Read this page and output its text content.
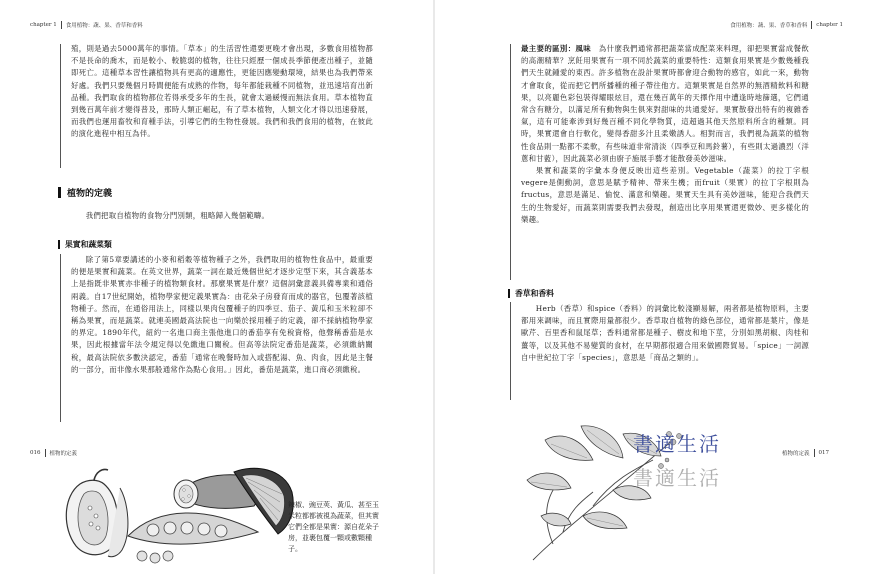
chapter 1 食用植物：蔬、果、香草和香料

殖，則是過去5000萬年的事情。「草本」的生活習性還要更晚才會出現，多數食用植物都不是長命的喬木，而是較小、較脆弱的植物，往往只經歷一個成長季節便產出種子，並隨即死亡。這種草本習性讓植物具有更高的適應性，更能因應變動環境，結果也為我們帶來好處。我們只要幾個月時間便能有成熟的作物，每年都能栽種不同植物，並迅速培育出新品種。我們取食的植物都位若得承受多年的生長，就會太過緩慢而無法食用。草本植物直到幾百萬年前才變得普及，那時人類正崛起，有了草本植物，人類文化才得以迅速發展，而我們也運用畜牧和育種手法，引導它們的生物性發展。我們和我們食用的植物，在彼此的演化進程中相互為伴。

植物的定義

我們把取自植物的食物分門別類，粗略歸入幾個範疇。

果實和蔬菜類

除了第5章要講述的小麥和稻穀等植物種子之外，我們取用的植物性食品中，最重要的便是果實和蔬菜。在英文世界，蔬菜一詞在最近幾個世紀才逐步定型下來，其含義基本上是指既非果實亦非種子的植物類食材。那麼果實是什麼？這個詞彙意義具備專業和通俗兩義。自17世紀開始，植物學家便定義果實為：由花朵子房發育而成的器官，包覆著該植物種子。然而，在通俗用法上，同樣以果肉包覆種子的四季豆、茄子、黃瓜和玉米粒卻不稱為果實，而是蔬菜。就連美國最高法院也一向樂於採用種子的定義，卻不採納植物學家的界定。1890年代，紐約一名進口商主張他進口的番茄享有免稅資格，他聲稱番茄是水果，因此根據當年法令規定得以免繳進口關稅。但高等法院定番茄是蔬菜，必須繳納關稅，最高法院依多數決認定，番茄「通常在晚餐時加入或搭配湯、魚、肉食，因此是主餐的一部分，而非像水果那般通常作為點心食用。」因此，番茄是蔬菜，進口商必須繳稅。

016 植物的定義
辣椒、豌豆莢、黃瓜、甚至玉米粒都都被視為蔬菜，但其實它們全都是果實：源自花朵子房，並裹包覆一顆或數顆種子。
食用植物：蔬、果、香草和香料 chapter 1

最主要的區別：風味　 為什麼我們通常都把蔬菜當成配菜來料理，卻把果實當成餐飲的高潮精華？烹飪用果實有一項不同於蔬菜的重要特性：這類食用果實是少數幾種我們天生就鍾愛的東西。許多植物在設計果實時都會迎合動物的感官，如此一來，動物才會取食，從而把它們所播種的種子帶往他方。這類果實是自然界的無酒精飲料和糖果，以亮麗色彩包裝得耀眼炫目，還在幾百萬年的天擇作用中遭逢時地篩選，它們通常含有糖分，以滿足所有動物與生俱來對甜味的共通愛好。果實散發出特有的複雜香氣，這有可能牽涉到好幾百種不同化學物質，這超過其他天然原料所含的種類。同時，果實還會自行軟化，變得香甜多汁且柔嫩誘人。相對而言，我們視為蔬菜的植物性食品則一點都不柔軟，有些味道非常清淡（四季豆和馬鈴薯），有些則太過濃烈（洋蔥和甘藍），因此蔬菜必須由廚子施展手藝才能散發美妙滋味。

果實和蔬菜的字彙本身便反映出這些差別。Vegetable（蔬菜）的拉丁字根vegere是側動詞，意思是賦予精神、帶來生機；而fruit（果實）的拉丁字根則為fructus，意思是滿足、愉悅、滿意和樂趣。果實天生具有美妙滋味，能迎合我們天生的生物愛好，而蔬菜則需要我們去發現，創造出比享用果實還更微妙、更多樣化的樂趣。

香草和香料

Herb（香草）和spice（香料）的詞彙比較淺顯易解，兩者都是植物原料，主要都用來調味，而且實際用量都很少。香草取自植物的綠色部位，通常都是葉片，像是歐芹、百里香和鼠尾草；香料通常都是種子、樹皮和地下莖，分別如黑胡椒、肉桂和薑等，以及其他不易變質的食材，在早期都很適合用來做國際貿易。「spice」一詞源自中世紀拉丁字「species」，意思是「商品之類的」。

植物的定義 017
書適生活
書適生活
